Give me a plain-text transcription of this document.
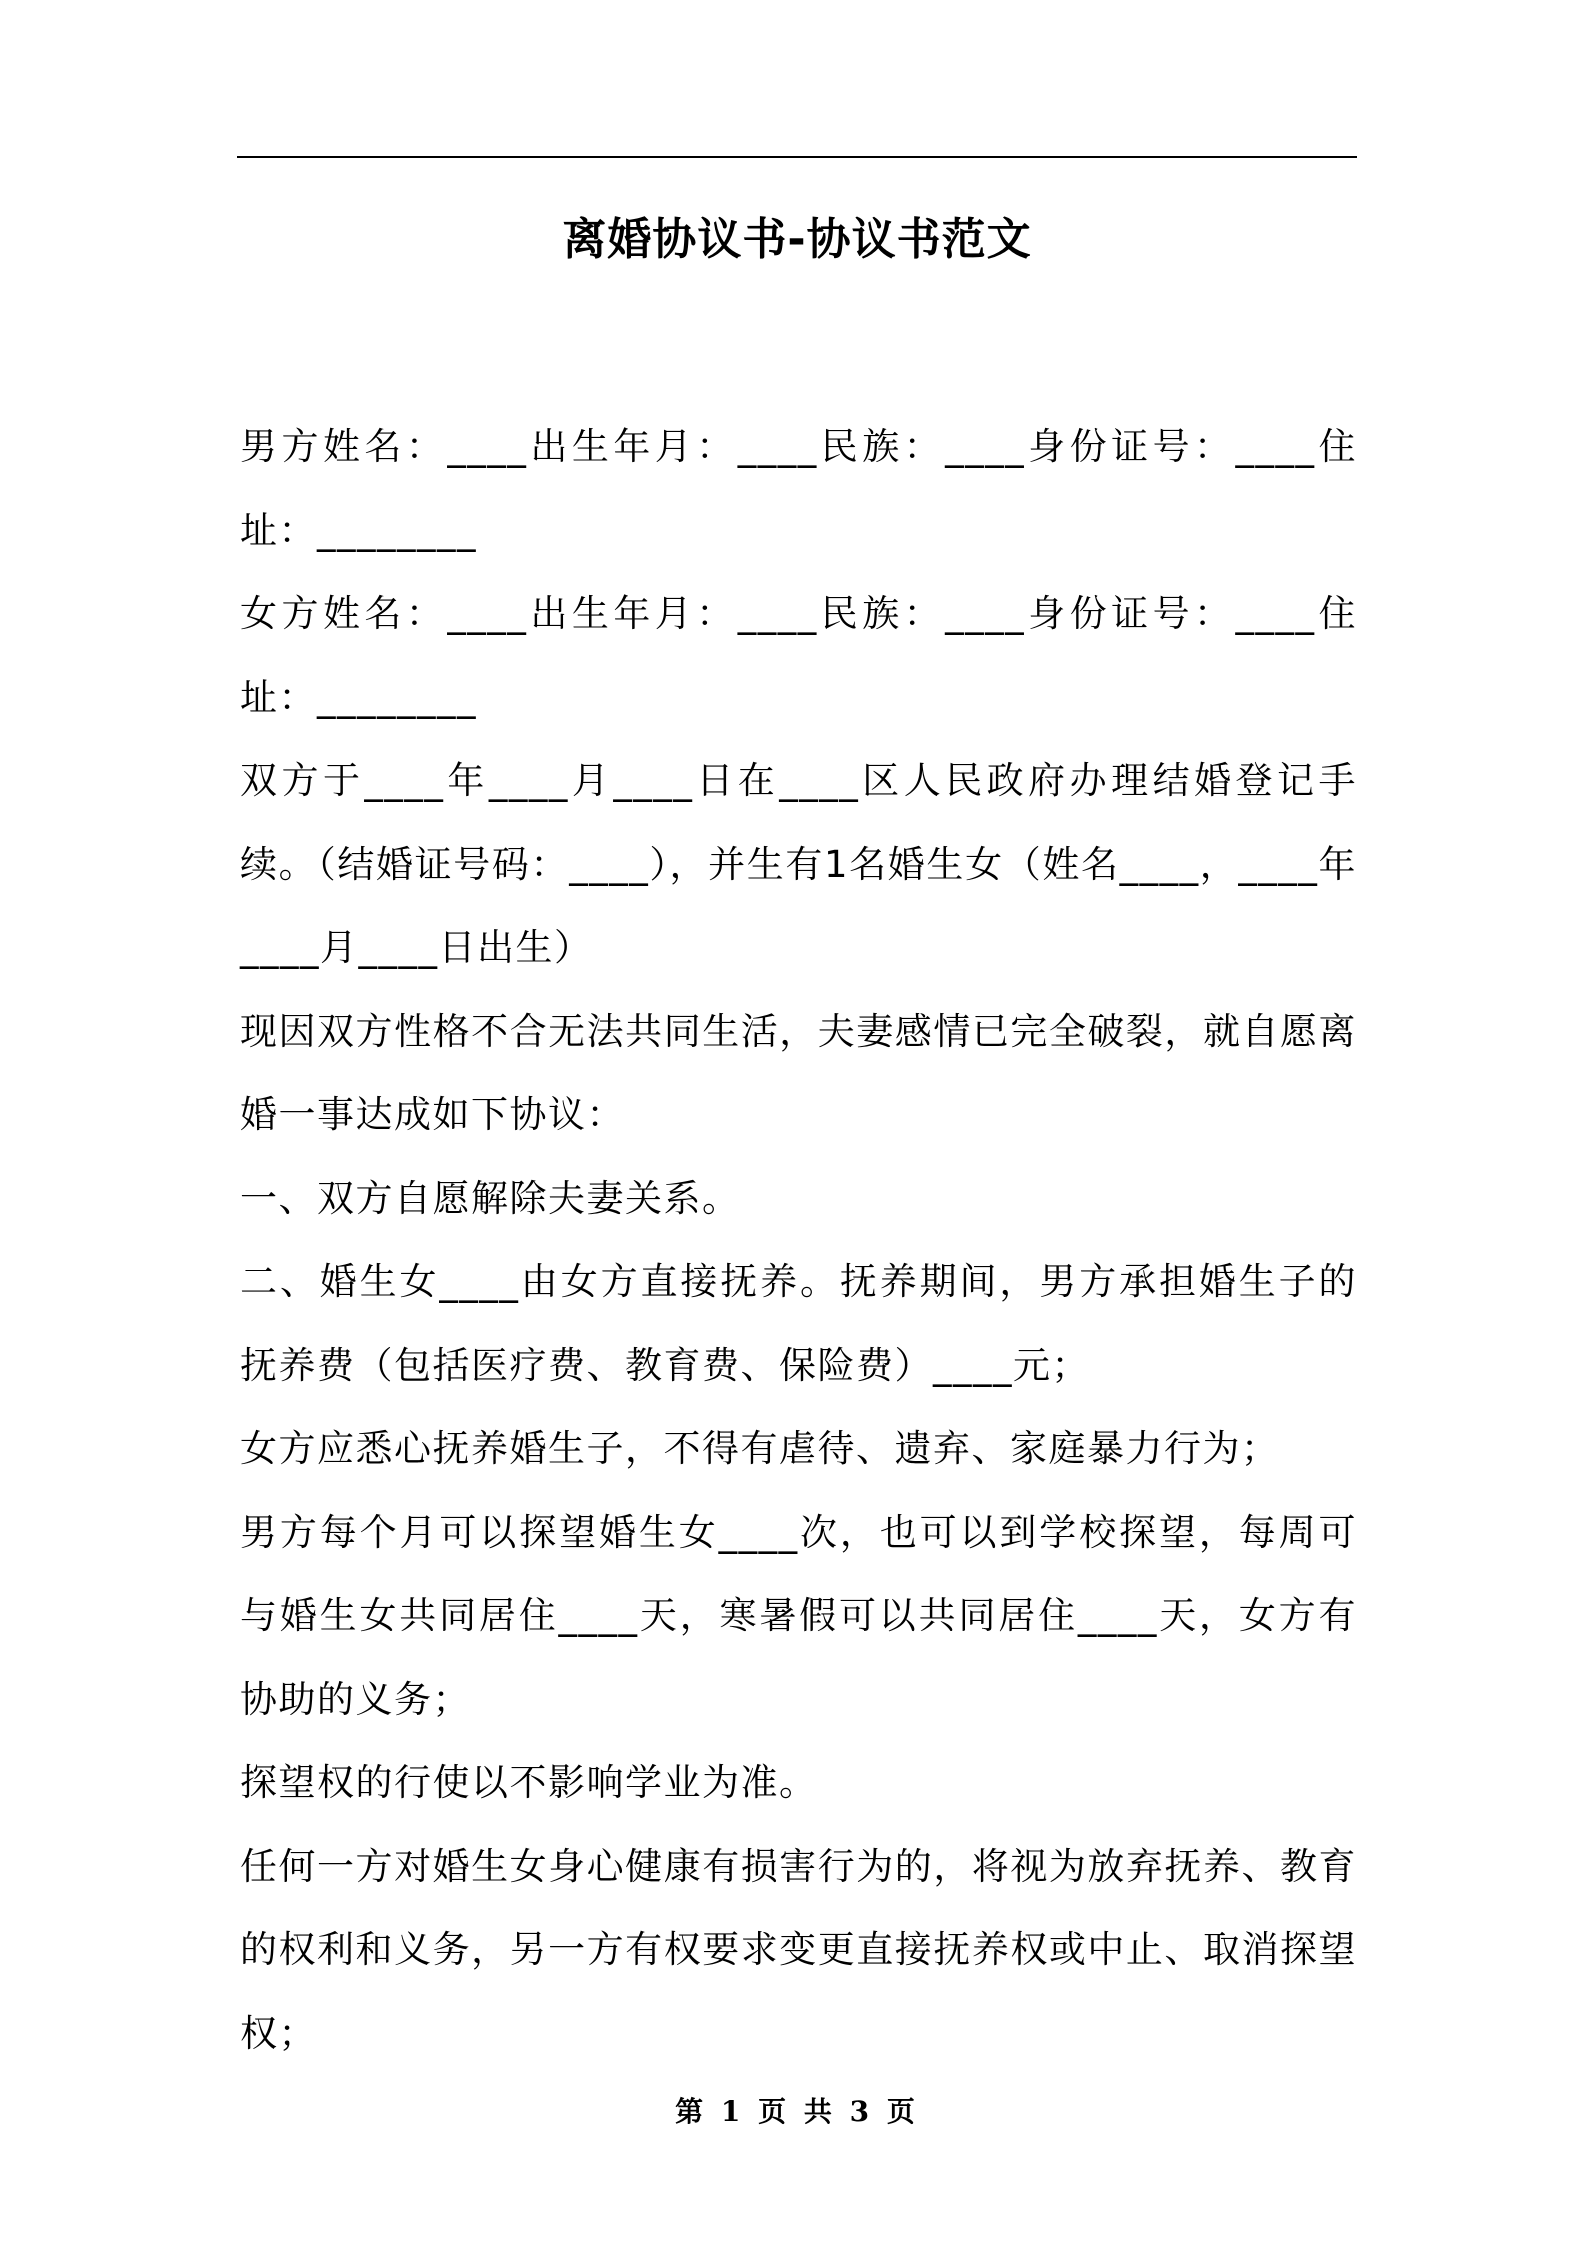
离婚协议书-协议书范文

男方姓名：____出生年月：____民族：____身份证号：____住址：________

女方姓名：____出生年月：____民族：____身份证号：____住址：________

双方于____年____月____日在____区人民政府办理结婚登记手续。（结婚证号码：____），并生有1名婚生女（姓名____，____年____月____日出生）

现因双方性格不合无法共同生活，夫妻感情已完全破裂，就自愿离婚一事达成如下协议：

一、双方自愿解除夫妻关系。

二、婚生女____由女方直接抚养。抚养期间，男方承担婚生子的抚养费（包括医疗费、教育费、保险费）____元；

女方应悉心抚养婚生子，不得有虐待、遗弃、家庭暴力行为；

男方每个月可以探望婚生女____次，也可以到学校探望，每周可与婚生女共同居住____天，寒暑假可以共同居住____天，女方有协助的义务；

探望权的行使以不影响学业为准。

任何一方对婚生女身心健康有损害行为的，将视为放弃抚养、教育的权利和义务，另一方有权要求变更直接抚养权或中止、取消探望权；

第 1 页 共 3 页
